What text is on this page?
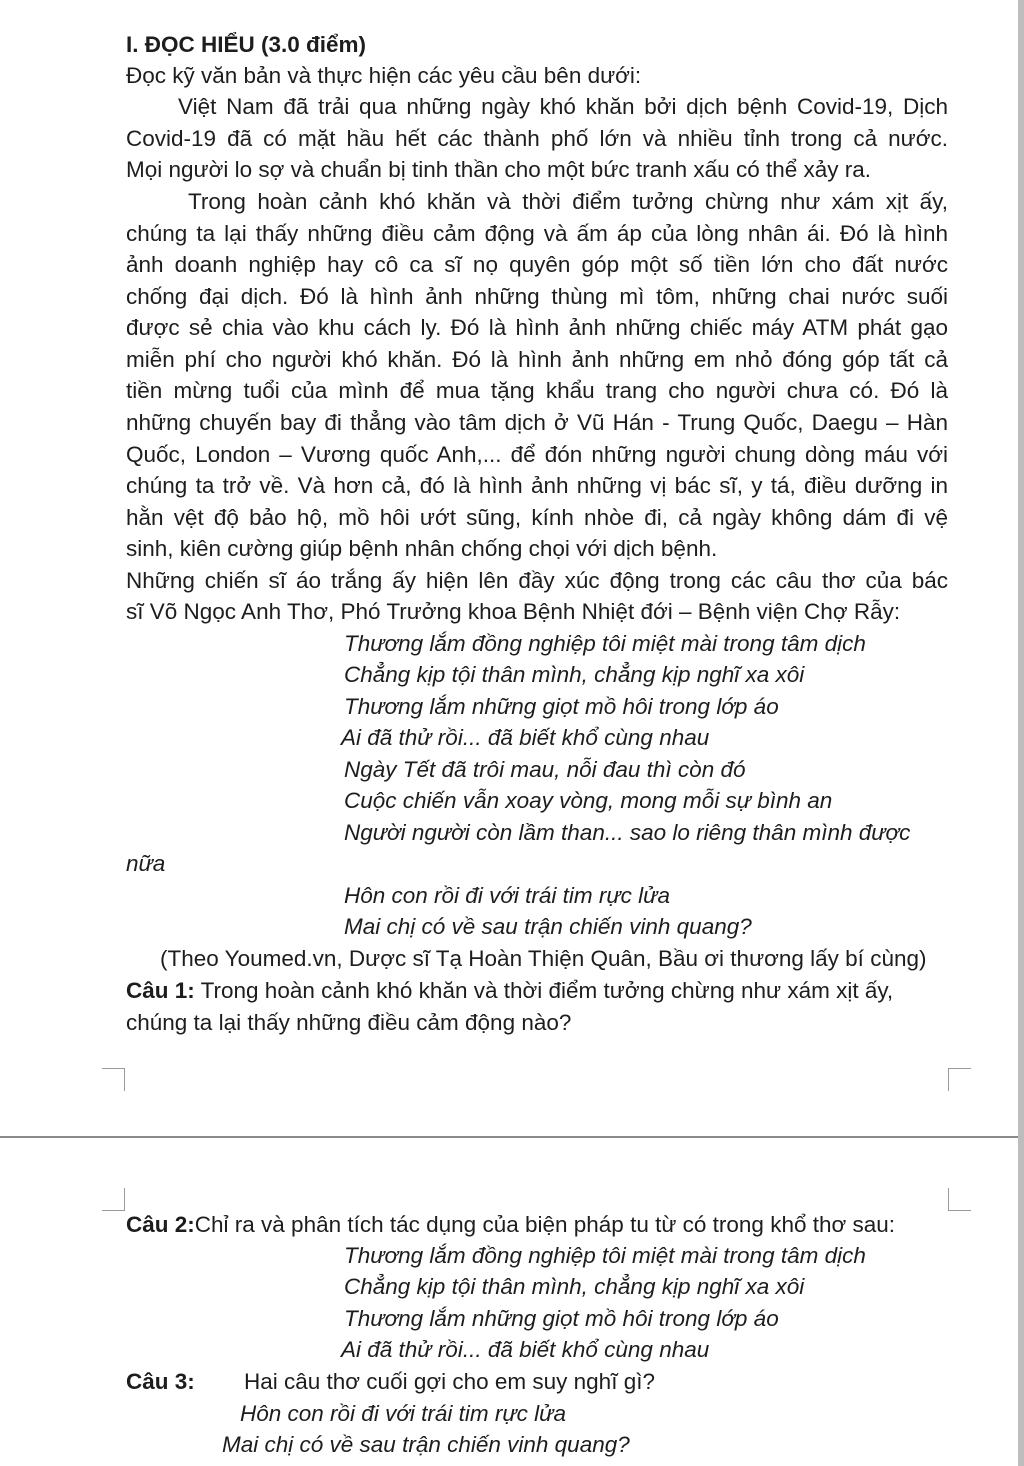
I. ĐỌC HIỂU (3.0 điểm)
Đọc kỹ văn bản và thực hiện các yêu cầu bên dưới:
Việt Nam đã trải qua những ngày khó khăn bởi dịch bệnh Covid-19, Dịch
Covid-19 đã có mặt hầu hết các thành phố lớn và nhiều tỉnh trong cả nước.
Mọi người lo sợ và chuẩn bị tinh thần cho một bức tranh xấu có thể xảy ra.
Trong hoàn cảnh khó khăn và thời điểm tưởng chừng như xám xịt ấy,
chúng ta lại thấy những điều cảm động và ấm áp của lòng nhân ái. Đó là hình
ảnh doanh nghiệp hay cô ca sĩ nọ quyên góp một số tiền lớn cho đất nước
chống đại dịch. Đó là hình ảnh những thùng mì tôm, những chai nước suối
được sẻ chia vào khu cách ly. Đó là hình ảnh những chiếc máy ATM phát gạo
miễn phí cho người khó khăn. Đó là hình ảnh những em nhỏ đóng góp tất cả
tiền mừng tuổi của mình để mua tặng khẩu trang cho người chưa có. Đó là
những chuyến bay đi thẳng vào tâm dịch ở Vũ Hán - Trung Quốc, Daegu – Hàn
Quốc, London – Vương quốc Anh,... để đón những người chung dòng máu với
chúng ta trở về. Và hơn cả, đó là hình ảnh những vị bác sĩ, y tá, điều dưỡng in
hằn vệt độ bảo hộ, mồ hôi ướt sũng, kính nhòe đi, cả ngày không dám đi vệ
sinh, kiên cường giúp bệnh nhân chống chọi với dịch bệnh.
Những chiến sĩ áo trắng ấy hiện lên đầy xúc động trong các câu thơ của bác
sĩ Võ Ngọc Anh Thơ, Phó Trưởng khoa Bệnh Nhiệt đới – Bệnh viện Chợ Rẫy:
Thương lắm đồng nghiệp tôi miệt mài trong tâm dịch
Chẳng kịp tội thân mình, chẳng kịp nghĩ xa xôi
Thương lắm những giọt mồ hôi trong lớp áo
Ai đã thử rồi... đã biết khổ cùng nhau
Ngày Tết đã trôi mau, nỗi đau thì còn đó
Cuộc chiến vẫn xoay vòng, mong mỗi sự bình an
Người người còn lầm than... sao lo riêng thân mình được
nữa
Hôn con rồi đi với trái tim rực lửa
Mai chị có về sau trận chiến vinh quang?
(Theo Youmed.vn, Dược sĩ Tạ Hoàn Thiện Quân, Bầu ơi thương lấy bí cùng)
Câu 1: Trong hoàn cảnh khó khăn và thời điểm tưởng chừng như xám xịt ấy,
chúng ta lại thấy những điều cảm động nào?
Câu 2:Chỉ ra và phân tích tác dụng của biện pháp tu từ có trong khổ thơ sau:
Thương lắm đồng nghiệp tôi miệt mài trong tâm dịch
Chẳng kịp tội thân mình, chẳng kịp nghĩ xa xôi
Thương lắm những giọt mồ hôi trong lớp áo
Ai đã thử rồi... đã biết khổ cùng nhau
Câu 3: Hai câu thơ cuối gợi cho em suy nghĩ gì?
Hôn con rồi đi với trái tim rực lửa
Mai chị có về sau trận chiến vinh quang?
